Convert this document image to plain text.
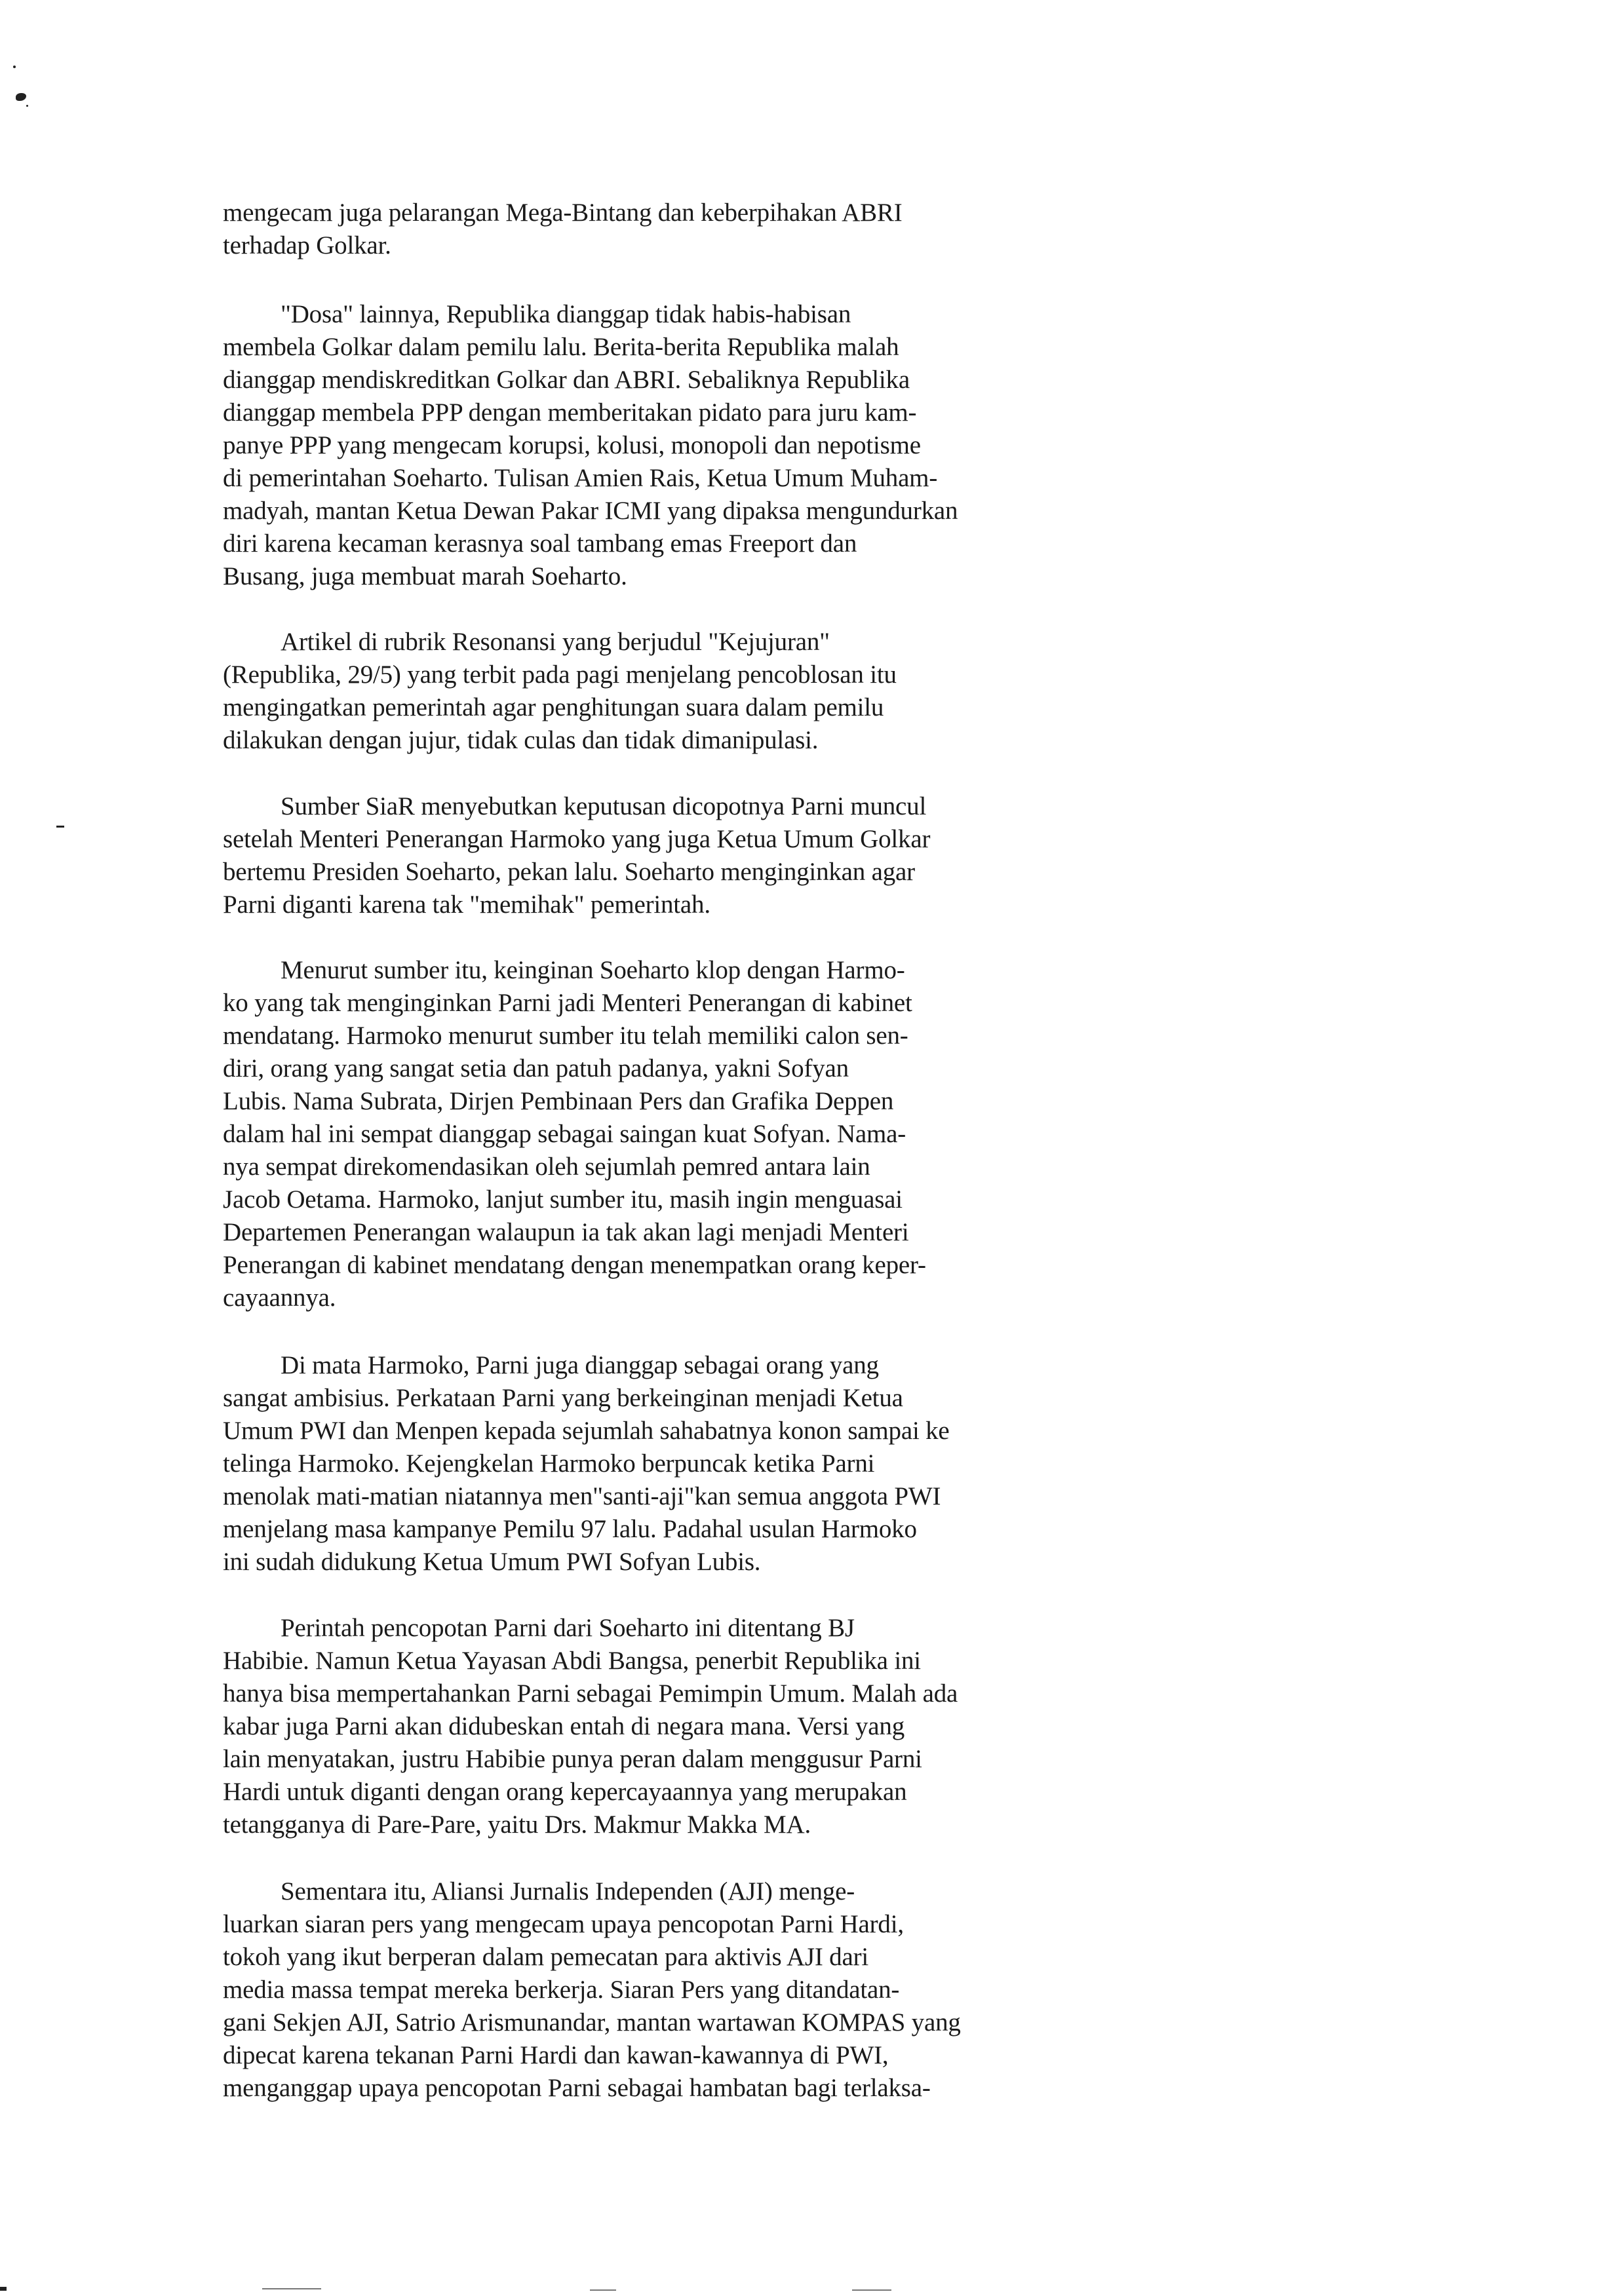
mengecam juga pelarangan Mega-Bintang dan keberpihakan ABRI
terhadap Golkar.

"Dosa" lainnya, Republika dianggap tidak habis-habisan
membela Golkar dalam pemilu lalu. Berita-berita Republika malah
dianggap mendiskreditkan Golkar dan ABRI. Sebaliknya Republika
dianggap membela PPP dengan memberitakan pidato para juru kam-
panye PPP yang mengecam korupsi, kolusi, monopoli dan nepotisme
di pemerintahan Soeharto. Tulisan Amien Rais, Ketua Umum Muham-
madyah, mantan Ketua Dewan Pakar ICMI yang dipaksa mengundurkan
diri karena kecaman kerasnya soal tambang emas Freeport dan
Busang, juga membuat marah Soeharto.

Artikel di rubrik Resonansi yang berjudul "Kejujuran"
(Republika, 29/5) yang terbit pada pagi menjelang pencoblosan itu
mengingatkan pemerintah agar penghitungan suara dalam pemilu
dilakukan dengan jujur, tidak culas dan tidak dimanipulasi.

Sumber SiaR menyebutkan keputusan dicopotnya Parni muncul
setelah Menteri Penerangan Harmoko yang juga Ketua Umum Golkar
bertemu Presiden Soeharto, pekan lalu. Soeharto menginginkan agar
Parni diganti karena tak "memihak" pemerintah.

Menurut sumber itu, keinginan Soeharto klop dengan Harmo-
ko yang tak menginginkan Parni jadi Menteri Penerangan di kabinet
mendatang. Harmoko menurut sumber itu telah memiliki calon sen-
diri, orang yang sangat setia dan patuh padanya, yakni Sofyan
Lubis. Nama Subrata, Dirjen Pembinaan Pers dan Grafika Deppen
dalam hal ini sempat dianggap sebagai saingan kuat Sofyan. Nama-
nya sempat direkomendasikan oleh sejumlah pemred antara lain
Jacob Oetama. Harmoko, lanjut sumber itu, masih ingin menguasai
Departemen Penerangan walaupun ia tak akan lagi menjadi Menteri
Penerangan di kabinet mendatang dengan menempatkan orang keper-
cayaannya.

Di mata Harmoko, Parni juga dianggap sebagai orang yang
sangat ambisius. Perkataan Parni yang berkeinginan menjadi Ketua
Umum PWI dan Menpen kepada sejumlah sahabatnya konon sampai ke
telinga Harmoko. Kejengkelan Harmoko berpuncak ketika Parni
menolak mati-matian niatannya men"santi-aji"kan semua anggota PWI
menjelang masa kampanye Pemilu 97 lalu. Padahal usulan Harmoko
ini sudah didukung Ketua Umum PWI Sofyan Lubis.

Perintah pencopotan Parni dari Soeharto ini ditentang BJ
Habibie. Namun Ketua Yayasan Abdi Bangsa, penerbit Republika ini
hanya bisa mempertahankan Parni sebagai Pemimpin Umum. Malah ada
kabar juga Parni akan didubeskan entah di negara mana. Versi yang
lain menyatakan, justru Habibie punya peran dalam menggusur Parni
Hardi untuk diganti dengan orang kepercayaannya yang merupakan
tetangganya di Pare-Pare, yaitu Drs. Makmur Makka MA.

Sementara itu, Aliansi Jurnalis Independen (AJI) menge-
luarkan siaran pers yang mengecam upaya pencopotan Parni Hardi,
tokoh yang ikut berperan dalam pemecatan para aktivis AJI dari
media massa tempat mereka berkerja. Siaran Pers yang ditandatan-
gani Sekjen AJI, Satrio Arismunandar, mantan wartawan KOMPAS yang
dipecat karena tekanan Parni Hardi dan kawan-kawannya di PWI,
menganggap upaya pencopotan Parni sebagai hambatan bagi terlaksa-
